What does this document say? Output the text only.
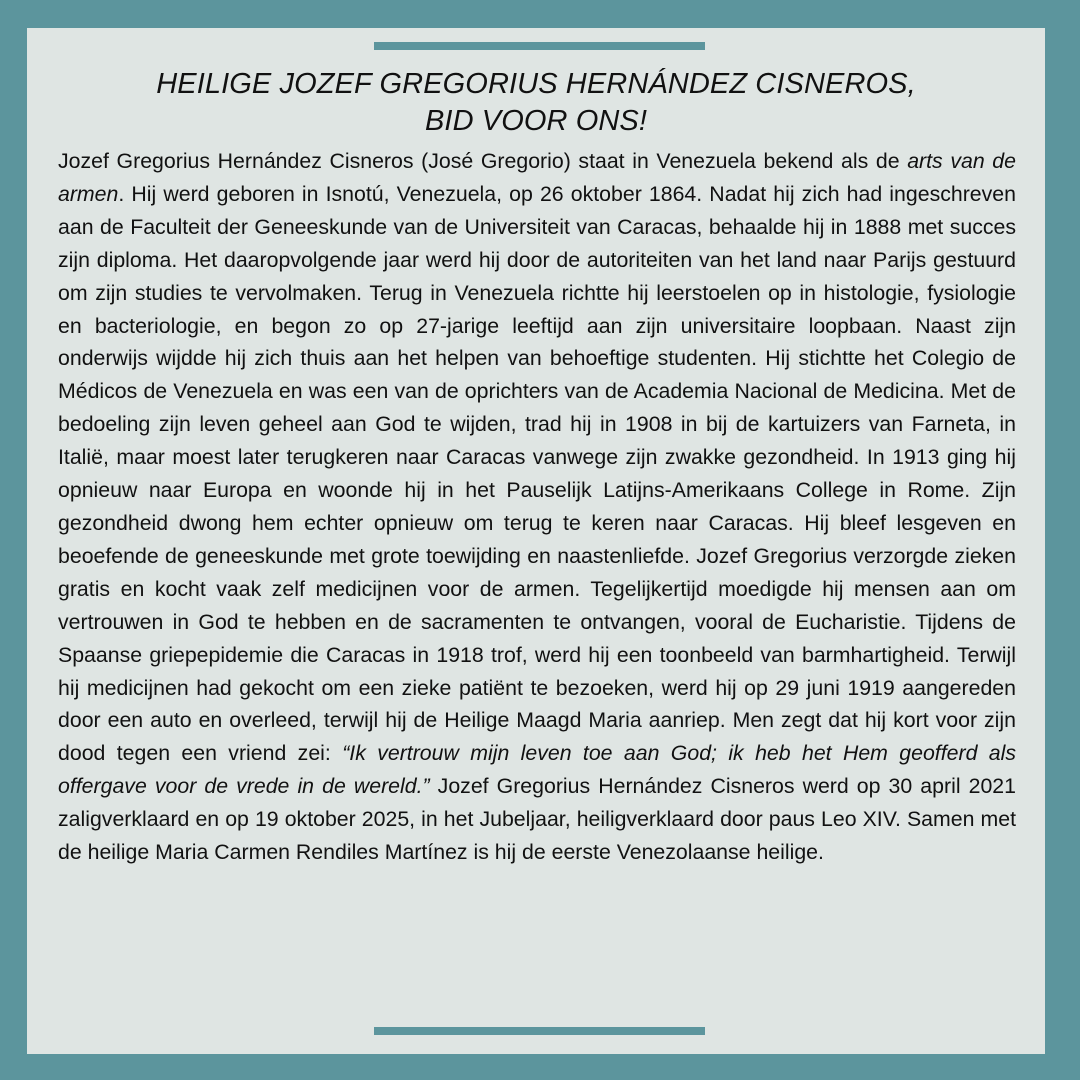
HEILIGE JOZEF GREGORIUS HERNÁNDEZ CISNEROS,
BID VOOR ONS!

Jozef Gregorius Hernández Cisneros (José Gregorio) staat in Venezuela bekend als de arts van de armen. Hij werd geboren in Isnotú, Venezuela, op 26 oktober 1864. Nadat hij zich had ingeschreven aan de Faculteit der Geneeskunde van de Universiteit van Caracas, behaalde hij in 1888 met succes zijn diploma. Het daaropvolgende jaar werd hij door de autoriteiten van het land naar Parijs gestuurd om zijn studies te vervolmaken. Terug in Venezuela richtte hij leerstoelen op in histologie, fysiologie en bacteriologie, en begon zo op 27-jarige leeftijd aan zijn universitaire loopbaan. Naast zijn onderwijs wijdde hij zich thuis aan het helpen van behoeftige studenten. Hij stichtte het Colegio de Médicos de Venezuela en was een van de oprichters van de Academia Nacional de Medicina. Met de bedoeling zijn leven geheel aan God te wijden, trad hij in 1908 in bij de kartuizers van Farneta, in Italië, maar moest later terugkeren naar Caracas vanwege zijn zwakke gezondheid. In 1913 ging hij opnieuw naar Europa en woonde hij in het Pauselijk Latijns-Amerikaans College in Rome. Zijn gezondheid dwong hem echter opnieuw om terug te keren naar Caracas. Hij bleef lesgeven en beoefende de geneeskunde met grote toewijding en naastenliefde. Jozef Gregorius verzorgde zieken gratis en kocht vaak zelf medicijnen voor de armen. Tegelijkertijd moedigde hij mensen aan om vertrouwen in God te hebben en de sacramenten te ontvangen, vooral de Eucharistie. Tijdens de Spaanse griepepidemie die Caracas in 1918 trof, werd hij een toonbeeld van barmhartigheid. Terwijl hij medicijnen had gekocht om een zieke patiënt te bezoeken, werd hij op 29 juni 1919 aangereden door een auto en overleed, terwijl hij de Heilige Maagd Maria aanriep. Men zegt dat hij kort voor zijn dood tegen een vriend zei: “Ik vertrouw mijn leven toe aan God; ik heb het Hem geofferd als offergave voor de vrede in de wereld.” Jozef Gregorius Hernández Cisneros werd op 30 april 2021 zaligverklaard en op 19 oktober 2025, in het Jubeljaar, heiligverklaard door paus Leo XIV. Samen met de heilige Maria Carmen Rendiles Martínez is hij de eerste Venezolaanse heilige.
